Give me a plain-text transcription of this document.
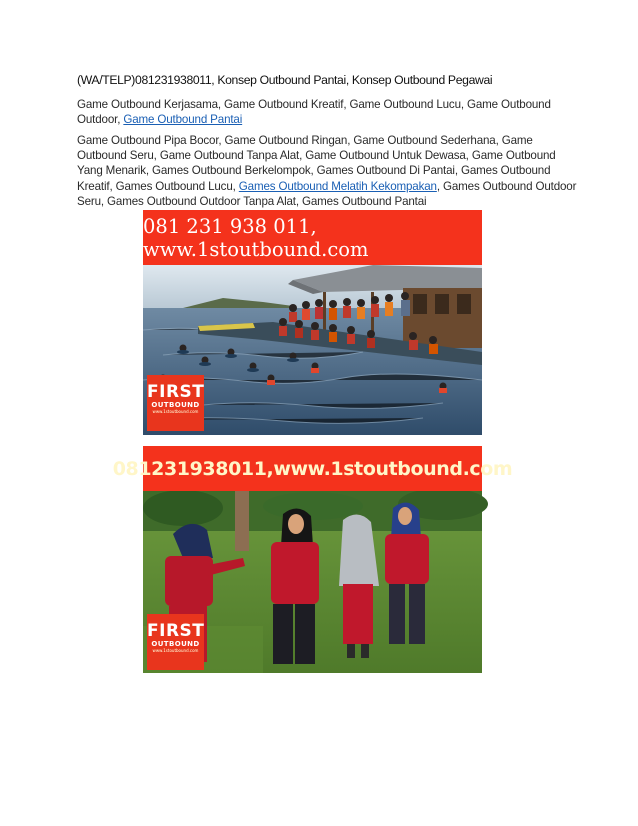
(WA/TELP)081231938011, Konsep Outbound Pantai, Konsep Outbound Pegawai
Game Outbound Kerjasama, Game Outbound Kreatif, Game Outbound Lucu, Game Outbound Outdoor, Game Outbound Pantai
Game Outbound Pipa Bocor, Game Outbound Ringan, Game Outbound Sederhana, Game Outbound Seru, Game Outbound Tanpa Alat, Game Outbound Untuk Dewasa, Game Outbound Yang Menarik, Games Outbound Berkelompok, Games Outbound Di Pantai, Games Outbound Kreatif, Games Outbound Lucu, Games Outbound Melatih Kekompakan, Games Outbound Outdoor Seru, Games Outbound Outdoor Tanpa Alat, Games Outbound Pantai
081 231 938 011, www.1stoutbound.com
FIRST
OUTBOUND
www.1stoutbound.com
081231938011,www.1stoutbound.com
FIRST
OUTBOUND
www.1stoutbound.com
